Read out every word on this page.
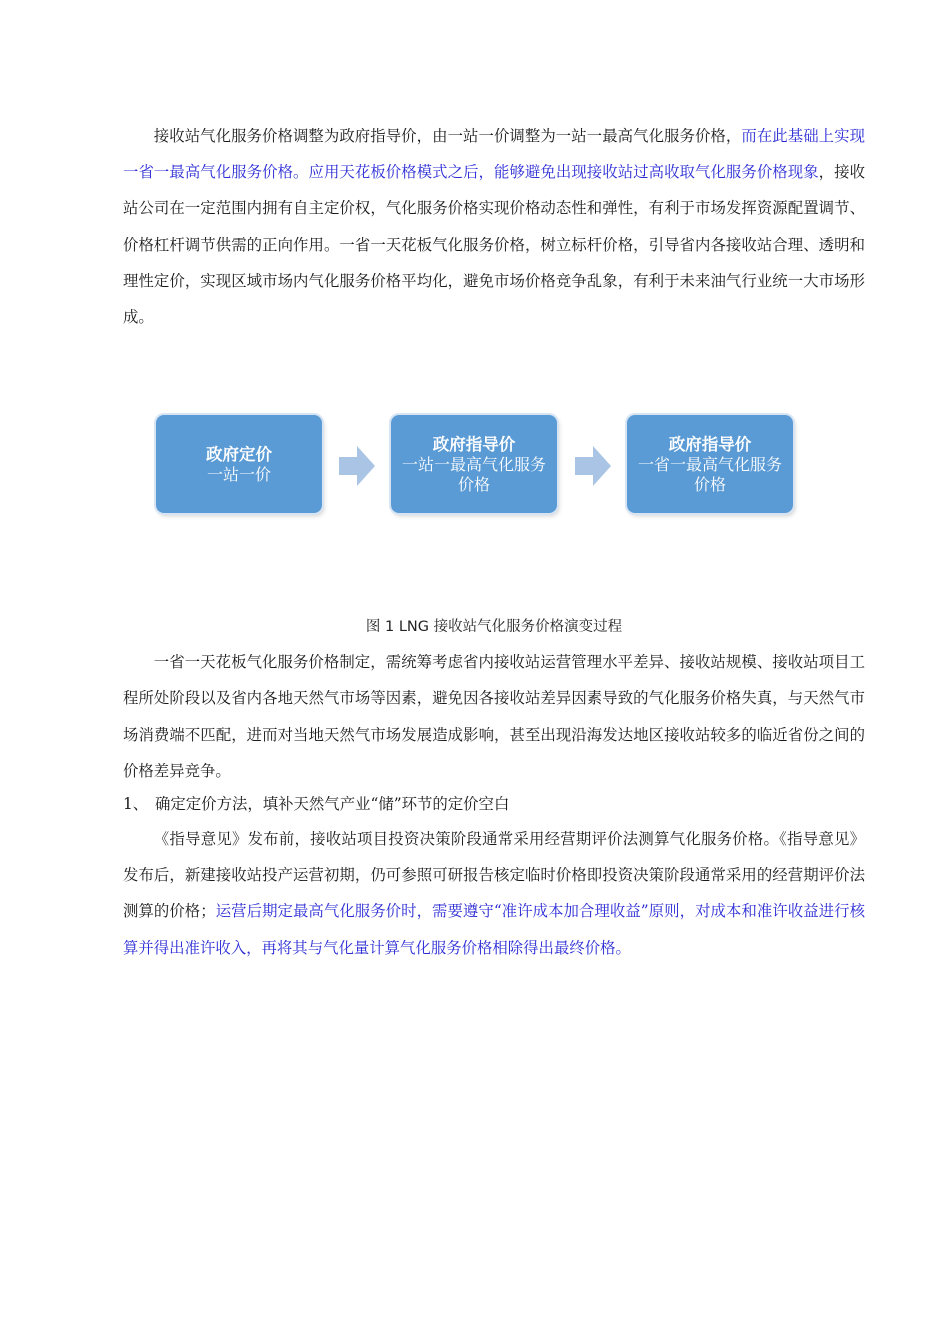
接收站气化服务价格调整为政府指导价，由一站一价调整为一站一最高气化服务价格，而在此基础上实现一省一最高气化服务价格。应用天花板价格模式之后，能够避免出现接收站过高收取气化服务价格现象，接收站公司在一定范围内拥有自主定价权，气化服务价格实现价格动态性和弹性，有利于市场发挥资源配置调节、价格杠杆调节供需的正向作用。一省一天花板气化服务价格，树立标杆价格，引导省内各接收站合理、透明和理性定价，实现区域市场内气化服务价格平均化，避免市场价格竞争乱象，有利于未来油气行业统一大市场形成。

政府定价
一站一价
政府指导价
一站一最高气化服务价格
政府指导价
一省一最高气化服务价格

图 1 LNG 接收站气化服务价格演变过程

一省一天花板气化服务价格制定，需统筹考虑省内接收站运营管理水平差异、接收站规模、接收站项目工程所处阶段以及省内各地天然气市场等因素，避免因各接收站差异因素导致的气化服务价格失真，与天然气市场消费端不匹配，进而对当地天然气市场发展造成影响，甚至出现沿海发达地区接收站较多的临近省份之间的价格差异竞争。

1、 确定定价方法，填补天然气产业“储”环节的定价空白

《指导意见》发布前，接收站项目投资决策阶段通常采用经营期评价法测算气化服务价格。《指导意见》发布后，新建接收站投产运营初期，仍可参照可研报告核定临时价格即投资决策阶段通常采用的经营期评价法测算的价格；运营后期定最高气化服务价时，需要遵守“准许成本加合理收益”原则，对成本和准许收益进行核算并得出准许收入，再将其与气化量计算气化服务价格相除得出最终价格。
